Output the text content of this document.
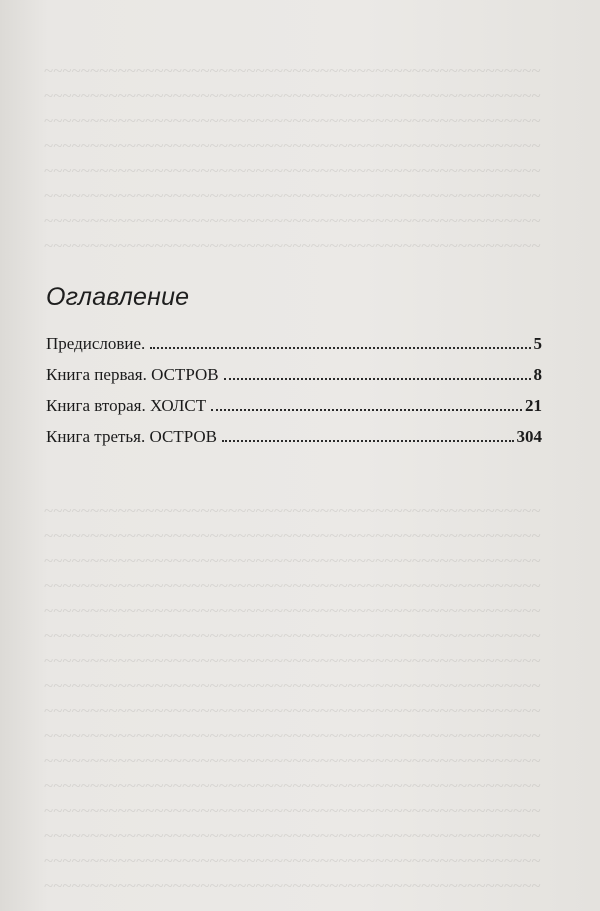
~~~~~~~~~~~~~~~~~~~~~~~~~~~~~~~~~~~~~~~~~~~~~~~~~~~~~~
~~~~~~~~~~~~~~~~~~~~~~~~~~~~~~~~~~~~~~~~~~~~~~~~~~~~~~
~~~~~~~~~~~~~~~~~~~~~~~~~~~~~~~~~~~~~~~~~~~~~~~~~~~~~~
~~~~~~~~~~~~~~~~~~~~~~~~~~~~~~~~~~~~~~~~~~~~~~~~~~~~~~
~~~~~~~~~~~~~~~~~~~~~~~~~~~~~~~~~~~~~~~~~~~~~~~~~~~~~~
~~~~~~~~~~~~~~~~~~~~~~~~~~~~~~~~~~~~~~~~~~~~~~~~~~~~~~
~~~~~~~~~~~~~~~~~~~~~~~~~~~~~~~~~~~~~~~~~~~~~~~~~~~~~~
~~~~~~~~~~~~~~~~~~~~~~~~~~~~~~~~~~~~~~~~~~~~~~~~~~~~~~
~~~~~~~~~~~~~~~~~~~~~~~~~~~~~~~~~~~~~~~~~~~~~~~~~~~~~~
~~~~~~~~~~~~~~~~~~~~~~~~~~~~~~~~~~~~~~~~~~~~~~~~~~~~~~
~~~~~~~~~~~~~~~~~~~~~~~~~~~~~~~~~~~~~~~~~~~~~~~~~~~~~~
~~~~~~~~~~~~~~~~~~~~~~~~~~~~~~~~~~~~~~~~~~~~~~~~~~~~~~
~~~~~~~~~~~~~~~~~~~~~~~~~~~~~~~~~~~~~~~~~~~~~~~~~~~~~~
~~~~~~~~~~~~~~~~~~~~~~~~~~~~~~~~~~~~~~~~~~~~~~~~~~~~~~
~~~~~~~~~~~~~~~~~~~~~~~~~~~~~~~~~~~~~~~~~~~~~~~~~~~~~~
~~~~~~~~~~~~~~~~~~~~~~~~~~~~~~~~~~~~~~~~~~~~~~~~~~~~~~
~~~~~~~~~~~~~~~~~~~~~~~~~~~~~~~~~~~~~~~~~~~~~~~~~~~~~~
~~~~~~~~~~~~~~~~~~~~~~~~~~~~~~~~~~~~~~~~~~~~~~~~~~~~~~
~~~~~~~~~~~~~~~~~~~~~~~~~~~~~~~~~~~~~~~~~~~~~~~~~~~~~~
~~~~~~~~~~~~~~~~~~~~~~~~~~~~~~~~~~~~~~~~~~~~~~~~~~~~~~
~~~~~~~~~~~~~~~~~~~~~~~~~~~~~~~~~~~~~~~~~~~~~~~~~~~~~~
~~~~~~~~~~~~~~~~~~~~~~~~~~~~~~~~~~~~~~~~~~~~~~~~~~~~~~
~~~~~~~~~~~~~~~~~~~~~~~~~~~~~~~~~~~~~~~~~~~~~~~~~~~~~~
~~~~~~~~~~~~~~~~~~~~~~~~~~~~~~~~~~~~~~~~~~~~~~~~~~~~~~
Оглавление
Предисловие.	5
Книга первая. ОСТРОВ	8
Книга вторая. ХОЛСТ	21
Книга третья. ОСТРОВ	304
